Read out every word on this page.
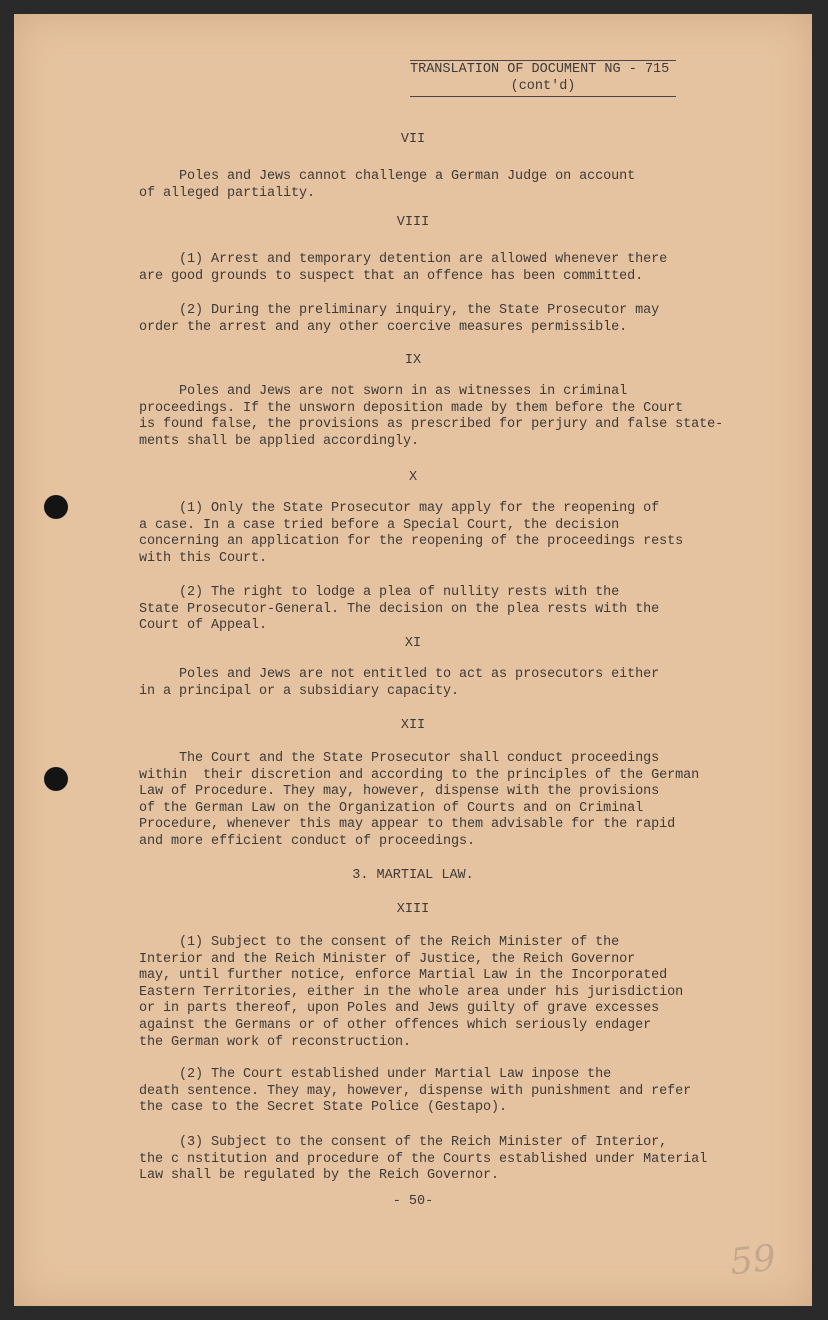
TRANSLATION OF DOCUMENT NG - 715
(cont'd)
VII
Poles and Jews cannot challenge a German Judge on account
of alleged partiality.
VIII
(1) Arrest and temporary detention are allowed whenever there
are good grounds to suspect that an offence has been committed.
(2) During the preliminary inquiry, the State Prosecutor may
order the arrest and any other coercive measures permissible.
IX
Poles and Jews are not sworn in as witnesses in criminal
proceedings. If the unsworn deposition made by them before the Court
is found false, the provisions as prescribed for perjury and false state-
ments shall be applied accordingly.
X
(1) Only the State Prosecutor may apply for the reopening of
a case. In a case tried before a Special Court, the decision
concerning an application for the reopening of the proceedings rests
with this Court.
(2) The right to lodge a plea of nullity rests with the
State Prosecutor-General. The decision on the plea rests with the
Court of Appeal.
XI
Poles and Jews are not entitled to act as prosecutors either
in a principal or a subsidiary capacity.
XII
The Court and the State Prosecutor shall conduct proceedings
within  their discretion and according to the principles of the German
Law of Procedure. They may, however, dispense with the provisions
of the German Law on the Organization of Courts and on Criminal
Procedure, whenever this may appear to them advisable for the rapid
and more efficient conduct of proceedings.
3. MARTIAL LAW.
XIII
(1) Subject to the consent of the Reich Minister of the
Interior and the Reich Minister of Justice, the Reich Governor
may, until further notice, enforce Martial Law in the Incorporated
Eastern Territories, either in the whole area under his jurisdiction
or in parts thereof, upon Poles and Jews guilty of grave excesses
against the Germans or of other offences which seriously endager
the German work of reconstruction.
(2) The Court established under Martial Law inpose the
death sentence. They may, however, dispense with punishment and refer
the case to the Secret State Police (Gestapo).
(3) Subject to the consent of the Reich Minister of Interior,
the c nstitution and procedure of the Courts established under Material
Law shall be regulated by the Reich Governor.
- 50-
59
